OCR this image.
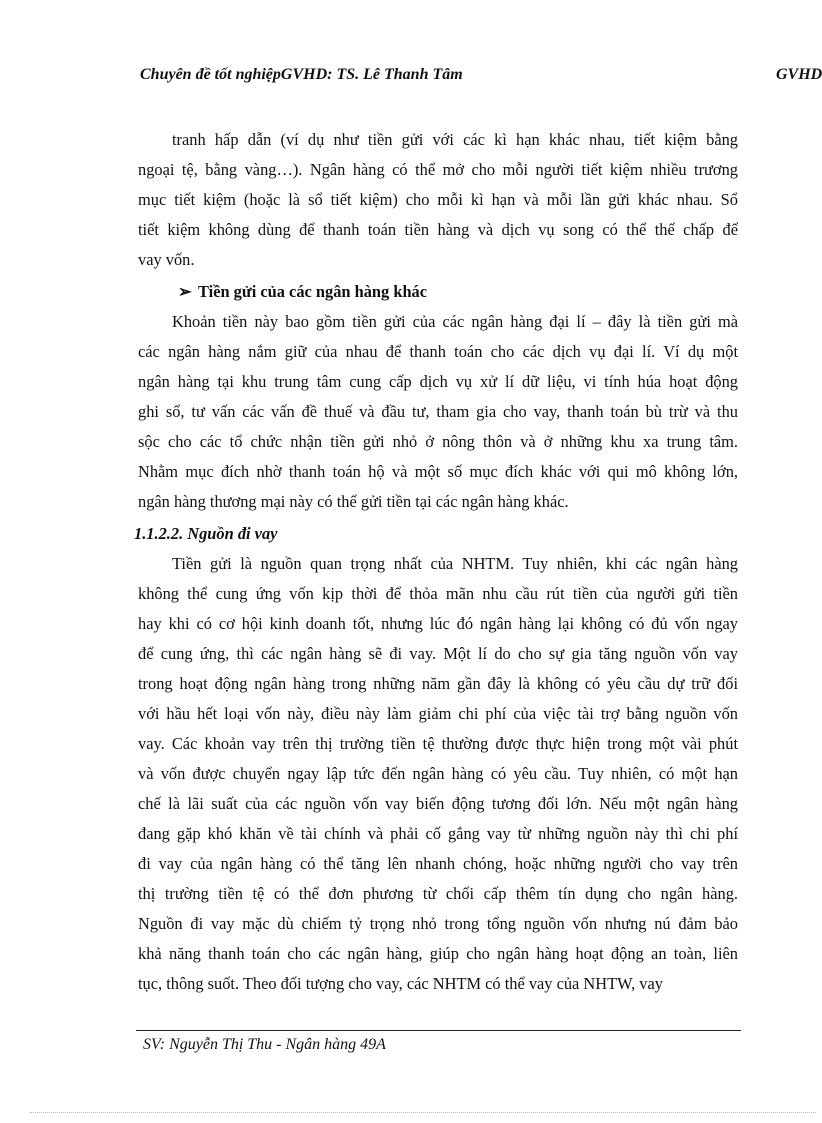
Chuyên đề tốt nghiệpGVHD: TS. Lê Thanh Tâm	GVHD
tranh hấp dẫn (ví dụ như tiền gửi với các kì hạn khác nhau, tiết kiệm bằng
ngoại tệ, bằng vàng…). Ngân hàng có thể mở cho mỗi người tiết kiệm nhiều trương
mục tiết kiệm (hoặc là sổ tiết kiệm) cho mỗi kì hạn và mỗi lần gửi khác nhau. Sổ
tiết kiệm không dùng để thanh toán tiền hàng và dịch vụ song có thể thế chấp để
vay vốn.
➢ Tiền gửi của các ngân hàng khác
Khoản tiền này bao gồm tiền gửi của các ngân hàng đại lí – đây là tiền gửi mà
các ngân hàng nắm giữ của nhau để thanh toán cho các dịch vụ đại lí. Ví dụ một
ngân hàng tại khu trung tâm cung cấp dịch vụ xử lí dữ liệu, vi tính húa hoạt động
ghi sổ, tư vấn các vấn đề thuế và đầu tư, tham gia cho vay, thanh toán bù trừ và thu
sộc cho các tổ chức nhận tiền gửi nhỏ ở nông thôn và ở những khu xa trung tâm.
Nhằm mục đích nhờ thanh toán hộ và một số mục đích khác với qui mô không lớn,
ngân hàng thương mại này có thể gửi tiền tại các ngân hàng khác.
1.1.2.2. Nguồn đi vay
Tiền gửi là nguồn quan trọng nhất của NHTM. Tuy nhiên, khi các ngân hàng
không thể cung ứng vốn kịp thời để thỏa mãn nhu cầu rút tiền của người gửi tiền
hay khi có cơ hội kinh doanh tốt, nhưng lúc đó ngân hàng lại không có đủ vốn ngay
để cung ứng, thì các ngân hàng sẽ đi vay. Một lí do cho sự gia tăng nguồn vốn vay
trong hoạt động ngân hàng trong những năm gần đây là không có yêu cầu dự trữ đối
với hầu hết loại vốn này, điều này làm giảm chi phí của việc tài trợ bằng nguồn vốn
vay. Các khoản vay trên thị trường tiền tệ thường được thực hiện trong một vài phút
và vốn được chuyển ngay lập tức đến ngân hàng có yêu cầu. Tuy nhiên, có một hạn
chế là lãi suất của các nguồn vốn vay biến động tương đối lớn. Nếu một ngân hàng
đang gặp khó khăn về tài chính và phải cố gắng vay từ những nguồn này thì chi phí
đi vay của ngân hàng có thể tăng lên nhanh chóng, hoặc những người cho vay trên
thị trường tiền tệ có thể đơn phương từ chối cấp thêm tín dụng cho ngân hàng.
Nguồn đi vay mặc dù chiếm tỷ trọng nhỏ trong tổng nguồn vốn nhưng nú đảm bảo
khả năng thanh toán cho các ngân hàng, giúp cho ngân hàng hoạt động an toàn, liên
tục, thông suốt. Theo đối tượng cho vay, các NHTM có thể vay của NHTW, vay
SV: Nguyễn Thị Thu - Ngân hàng 49A
